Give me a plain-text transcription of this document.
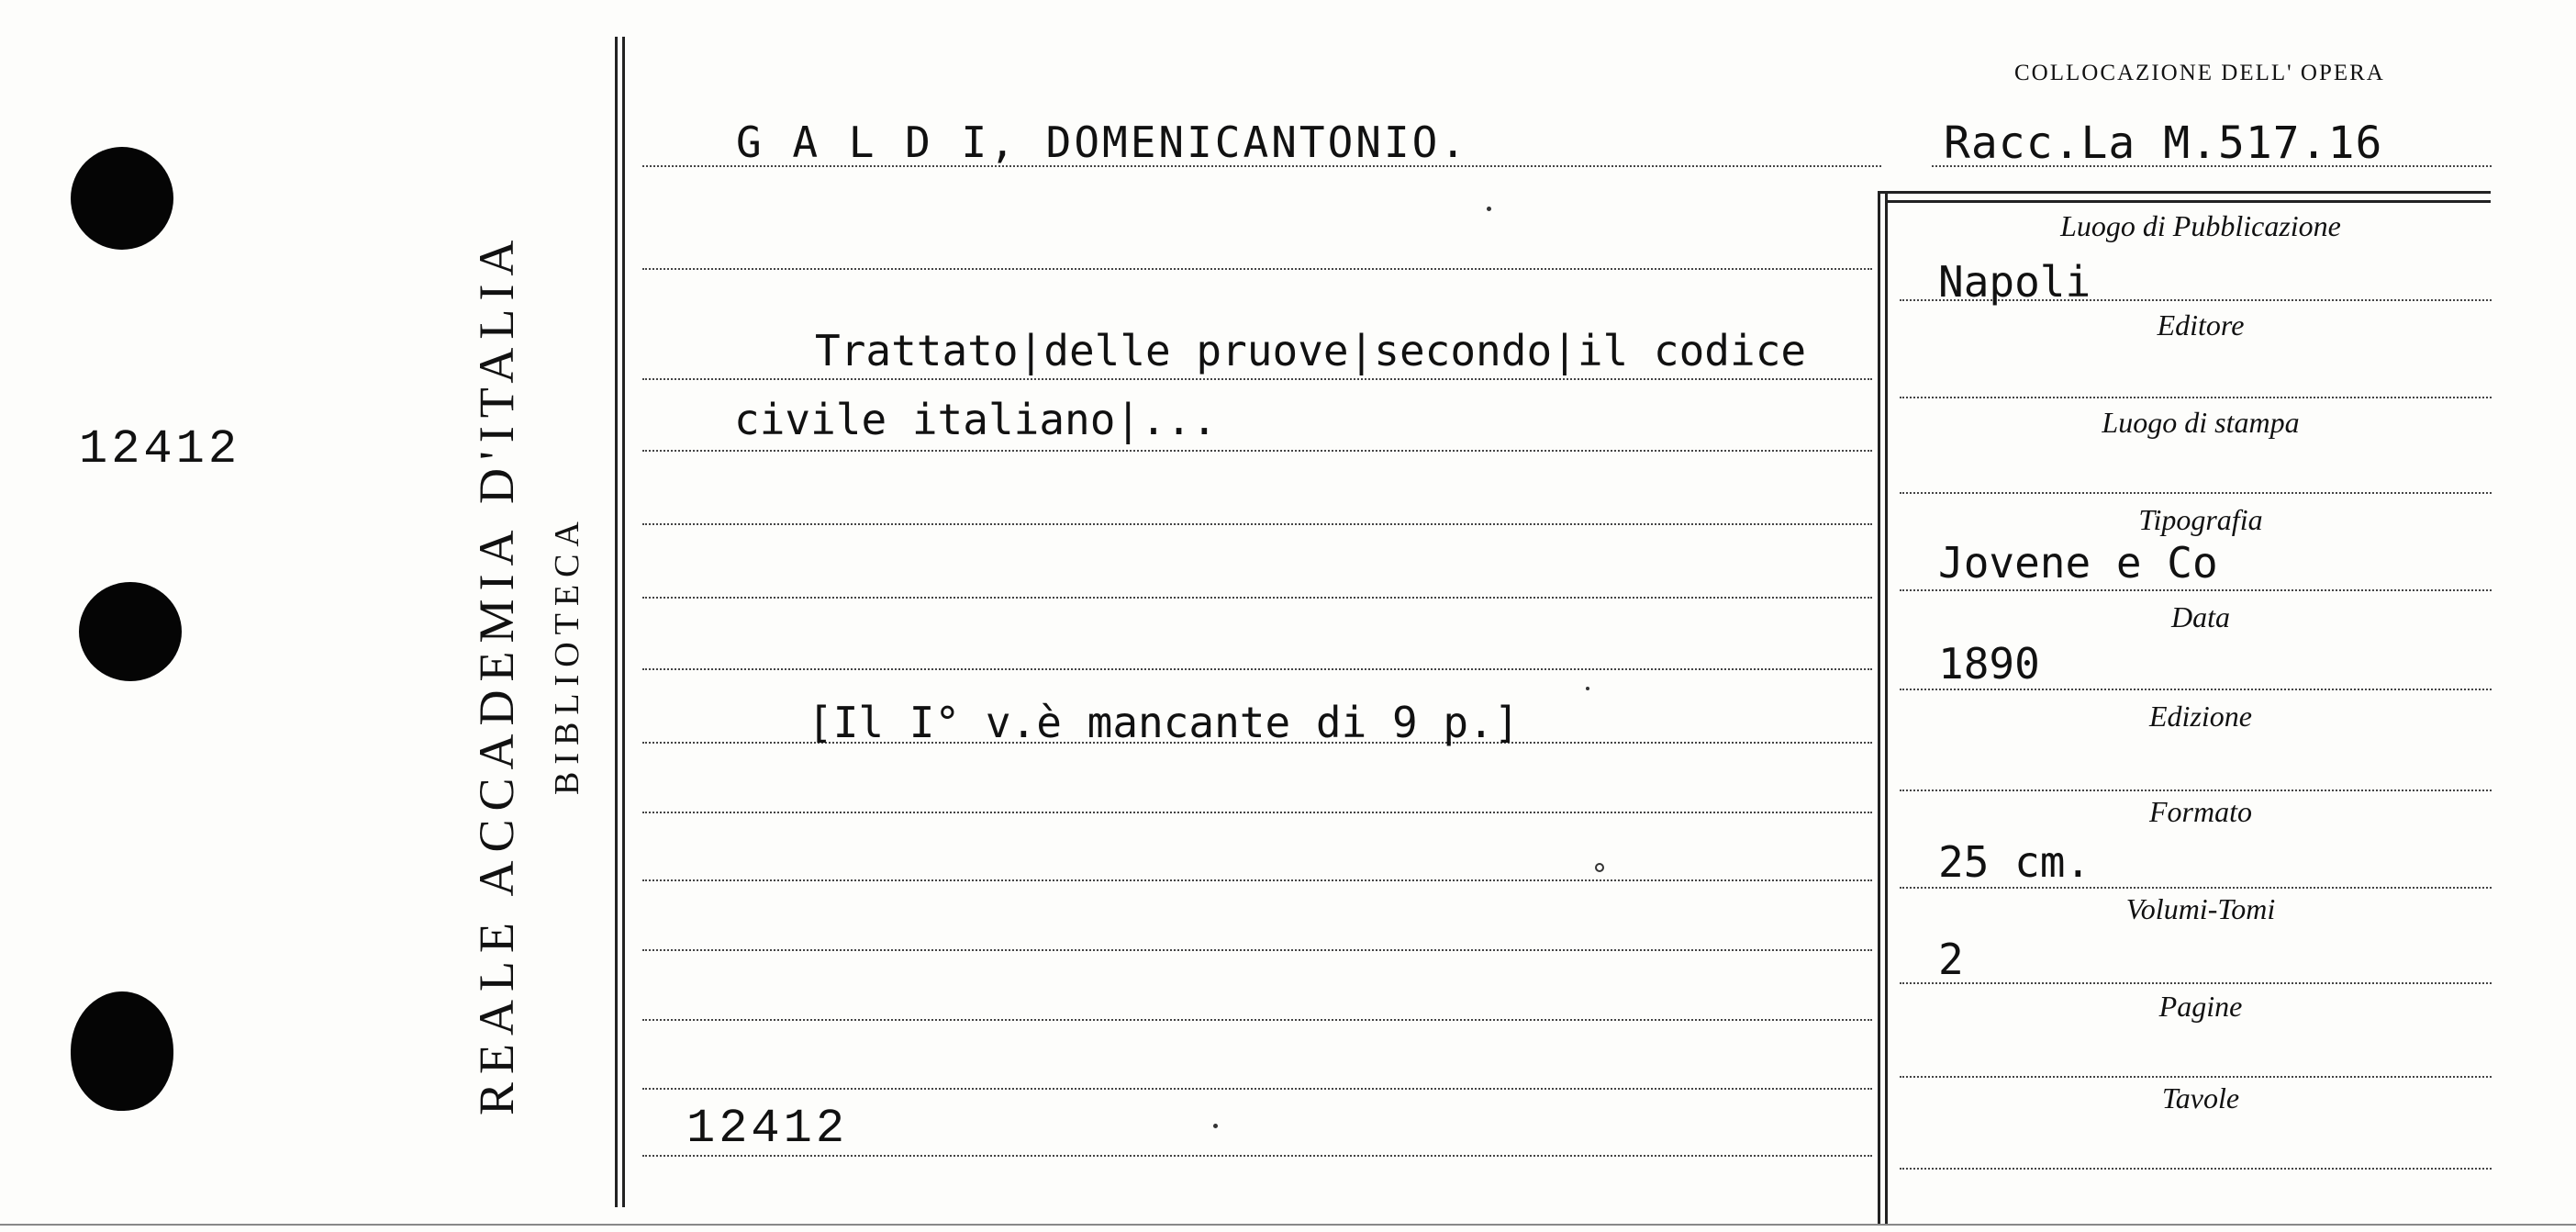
12412	REALE ACCADEMIA D'ITALIA BIBLIOTECA
COLLOCAZIONE DELL' OPERA
G A L D I, DOMENICANTONIO.	Racc.La M.517.16
Trattato|delle pruove|secondo|il codice
civile italiano|...
[Il I° v.è mancante di 9 p.]
12412
Luogo di Pubblicazione
Editore
Luogo di stampa
Tipografia
Data
Edizione
Formato
Volumi-Tomi
Pagine
Tavole
Napoli
Jovene e Co
1890
25 cm.
2
